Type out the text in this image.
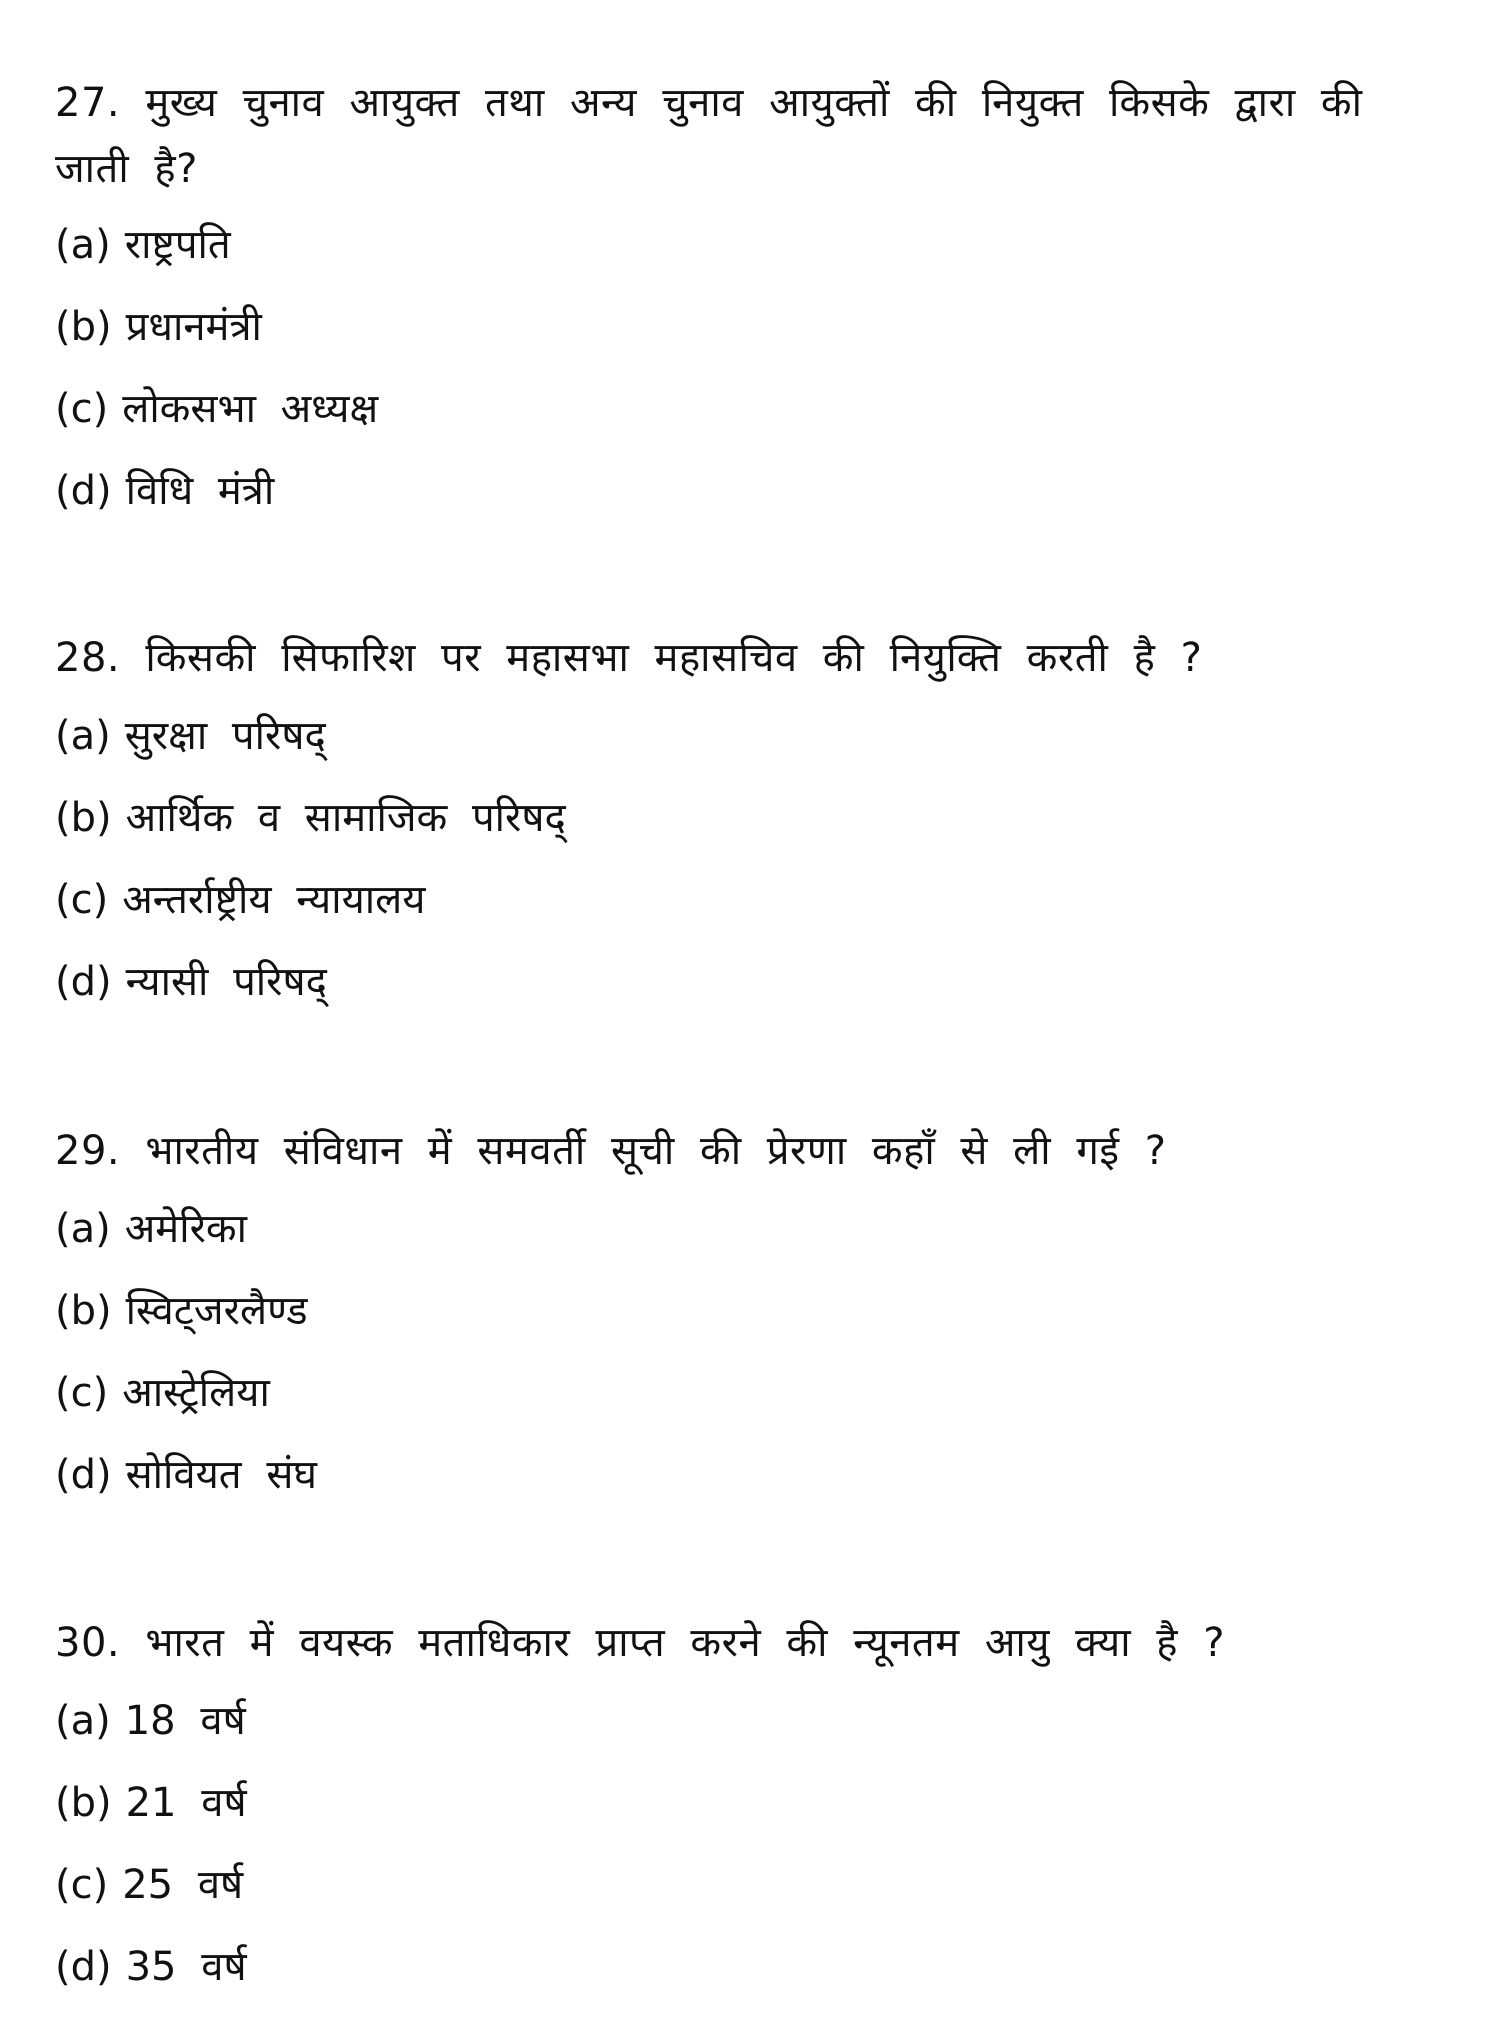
27. मुख्य चुनाव आयुक्त तथा अन्य चुनाव आयुक्तों की नियुक्त किसके द्वारा की जाती है?

(a) राष्ट्रपति
(b) प्रधानमंत्री
(c) लोकसभा अध्यक्ष
(d) विधि मंत्री

28. किसकी सिफारिश पर महासभा महासचिव की नियुक्ति करती है ?

(a) सुरक्षा परिषद्
(b) आर्थिक व सामाजिक परिषद्
(c) अन्तर्राष्ट्रीय न्यायालय
(d) न्यासी परिषद्

29. भारतीय संविधान में समवर्ती सूची की प्रेरणा कहाँ से ली गई ?

(a) अमेरिका
(b) स्विट्जरलैण्ड
(c) आस्ट्रेलिया
(d) सोवियत संघ

30. भारत में वयस्क मताधिकार प्राप्त करने की न्यूनतम आयु क्या है ?

(a) 18 वर्ष
(b) 21 वर्ष
(c) 25 वर्ष
(d) 35 वर्ष
